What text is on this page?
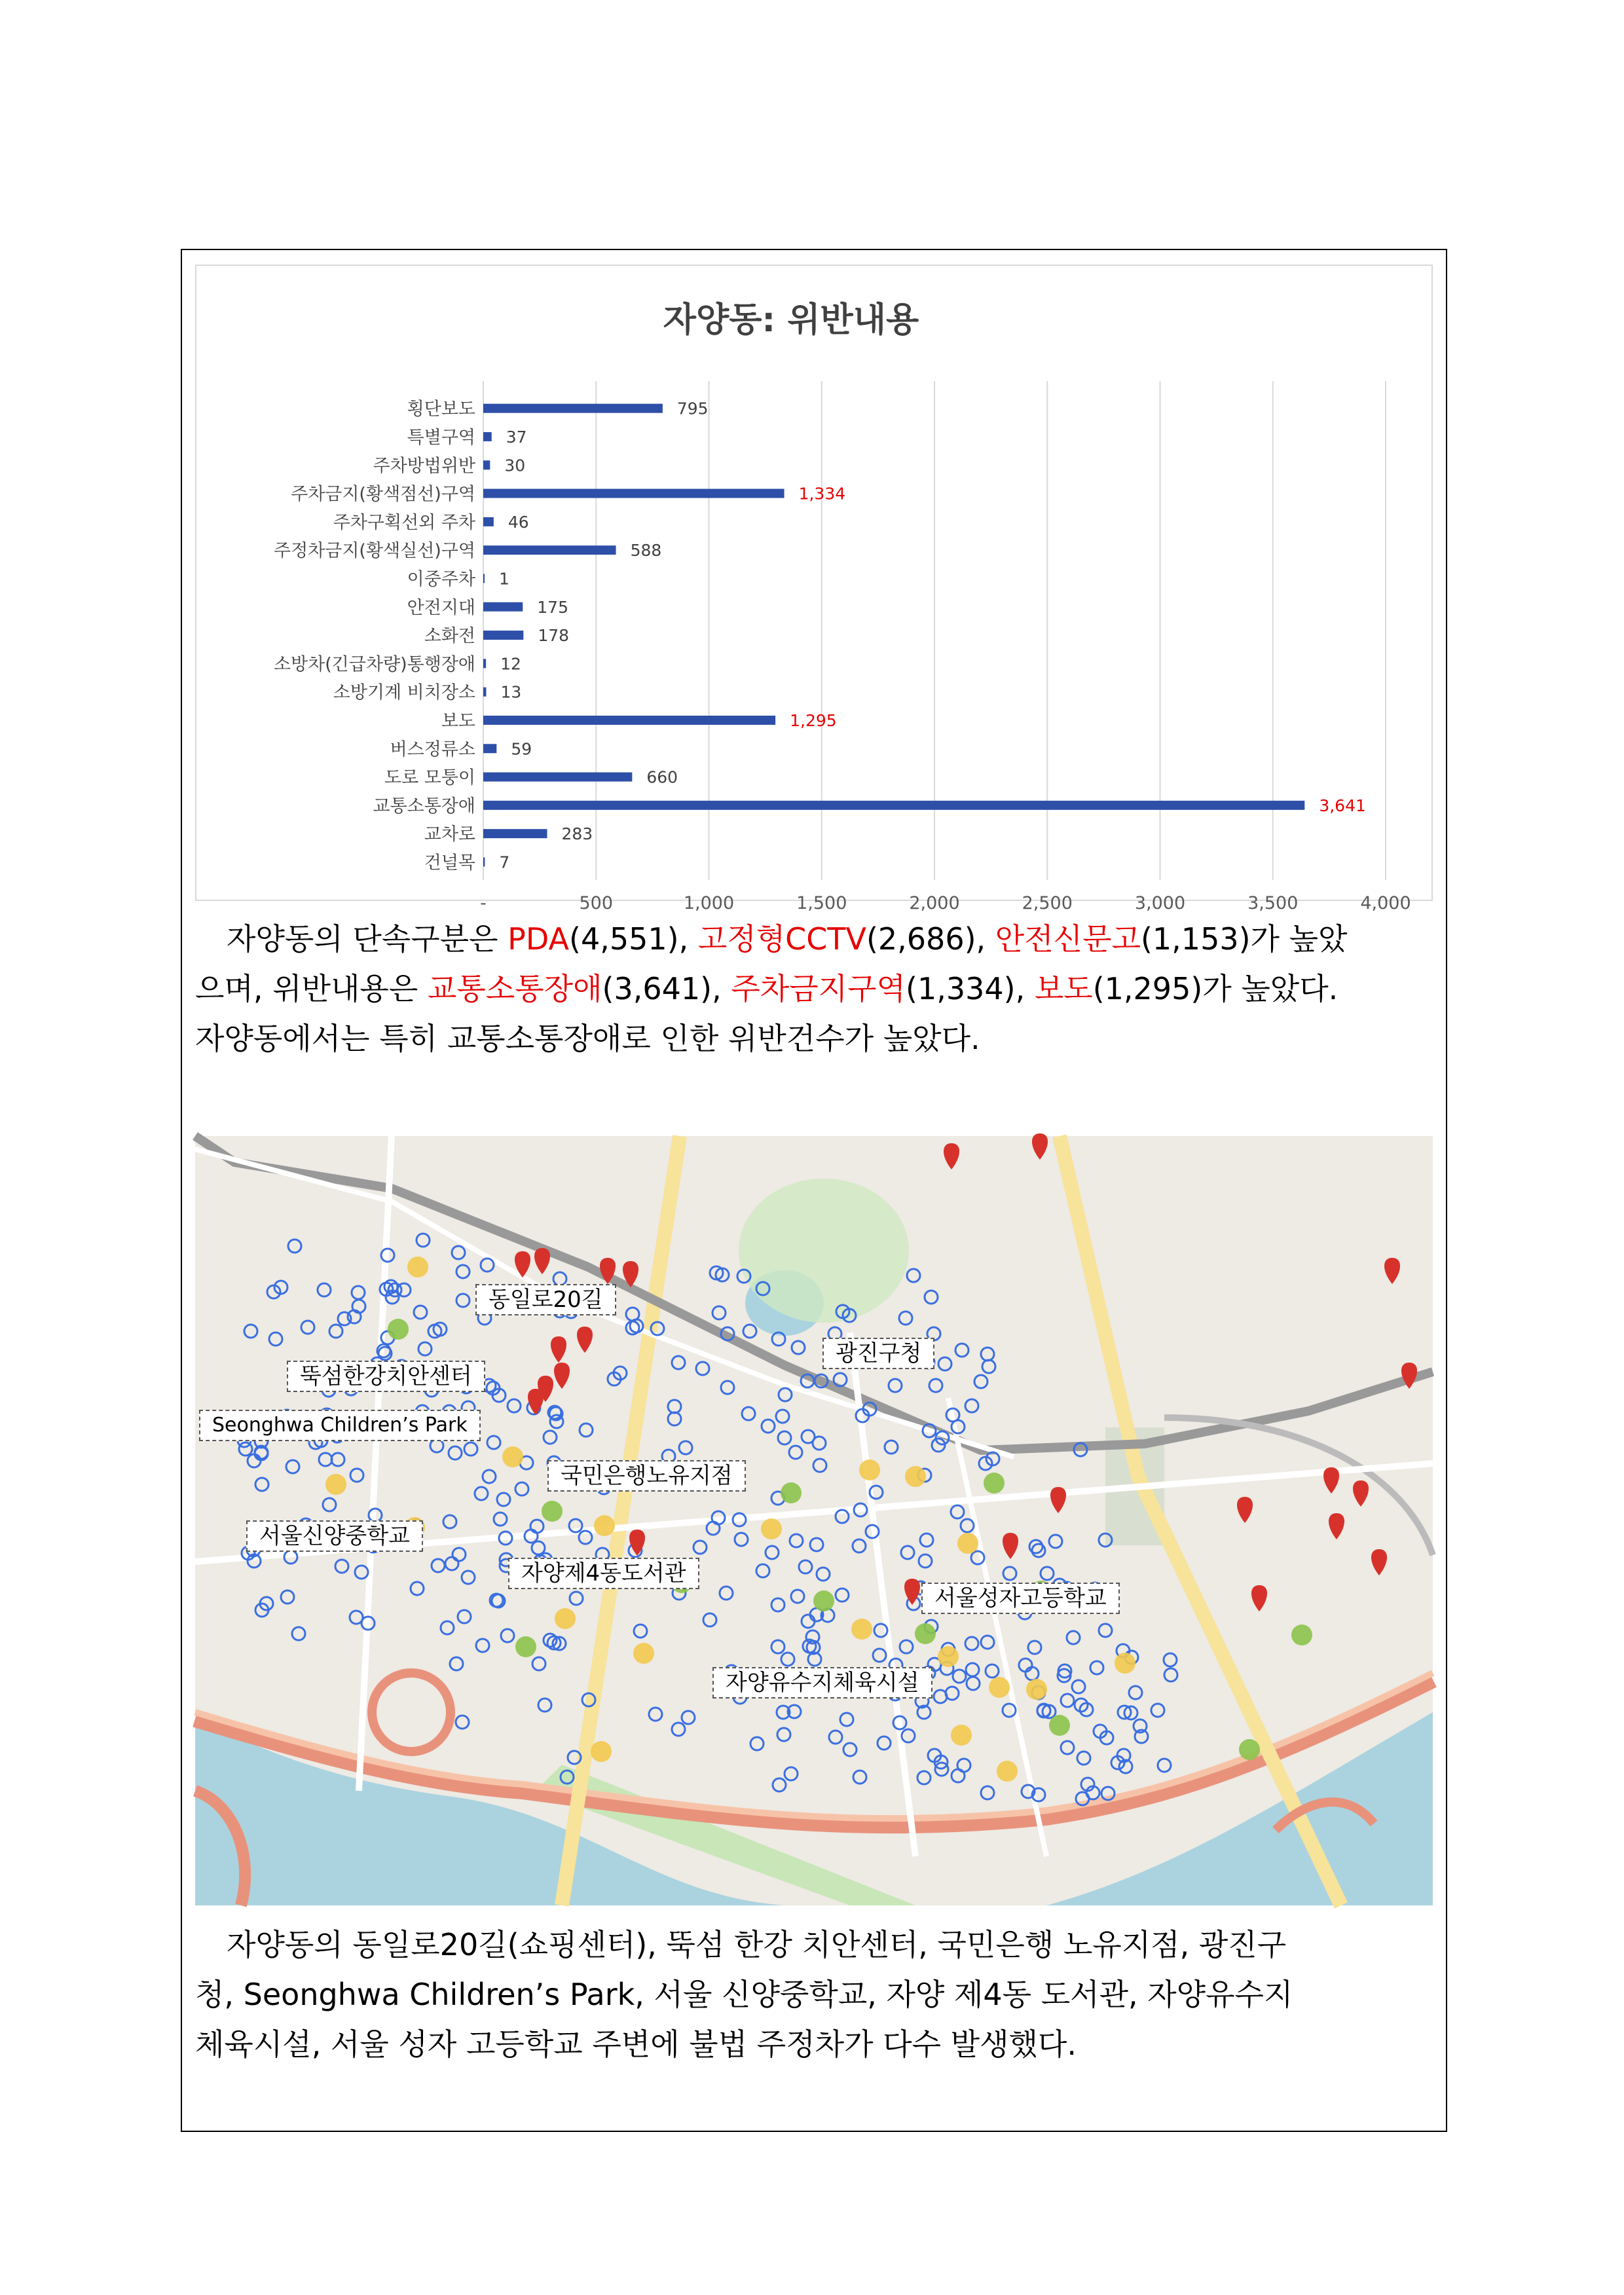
자양동: 위반내용
-	500	1,000	1,500	2,000	2,500	3,000	3,500	4,000
횡단보도	795
특별구역 37
주차방법위반 30
주차금지(황색점선)구역	1,334
주차구획선외 주차 46
주정차금지(황색실선)구역	588
이중주차 1
안전지대	175
소화전	178
소방차(긴급차량)통행장애 12
소방기계 비치장소 13
보도	1,295
버스정류소 59
도로 모퉁이	660
교통소통장애	3,641
교차로	283
건널목 7
자양동의 단속구분은 PDA(4,551), 고정형CCTV(2,686), 안전신문고(1,153)가 높았
으며, 위반내용은 교통소통장애(3,641), 주차금지구역(1,334), 보도(1,295)가 높았다.
자양동에서는 특히 교통소통장애로 인한 위반건수가 높았다.
동일로20길
뚝섬한강치안센터
Seonghwa Children’s Park
국민은행노유지점
광진구청
서울신양중학교
자양제4동도서관
서울성자고등학교
자양유수지체육시설
자양동의 동일로20길(쇼핑센터), 뚝섬 한강 치안센터, 국민은행 노유지점, 광진구
청, Seonghwa Children’s Park, 서울 신양중학교, 자양 제4동 도서관, 자양유수지
체육시설, 서울 성자 고등학교 주변에 불법 주정차가 다수 발생했다.
